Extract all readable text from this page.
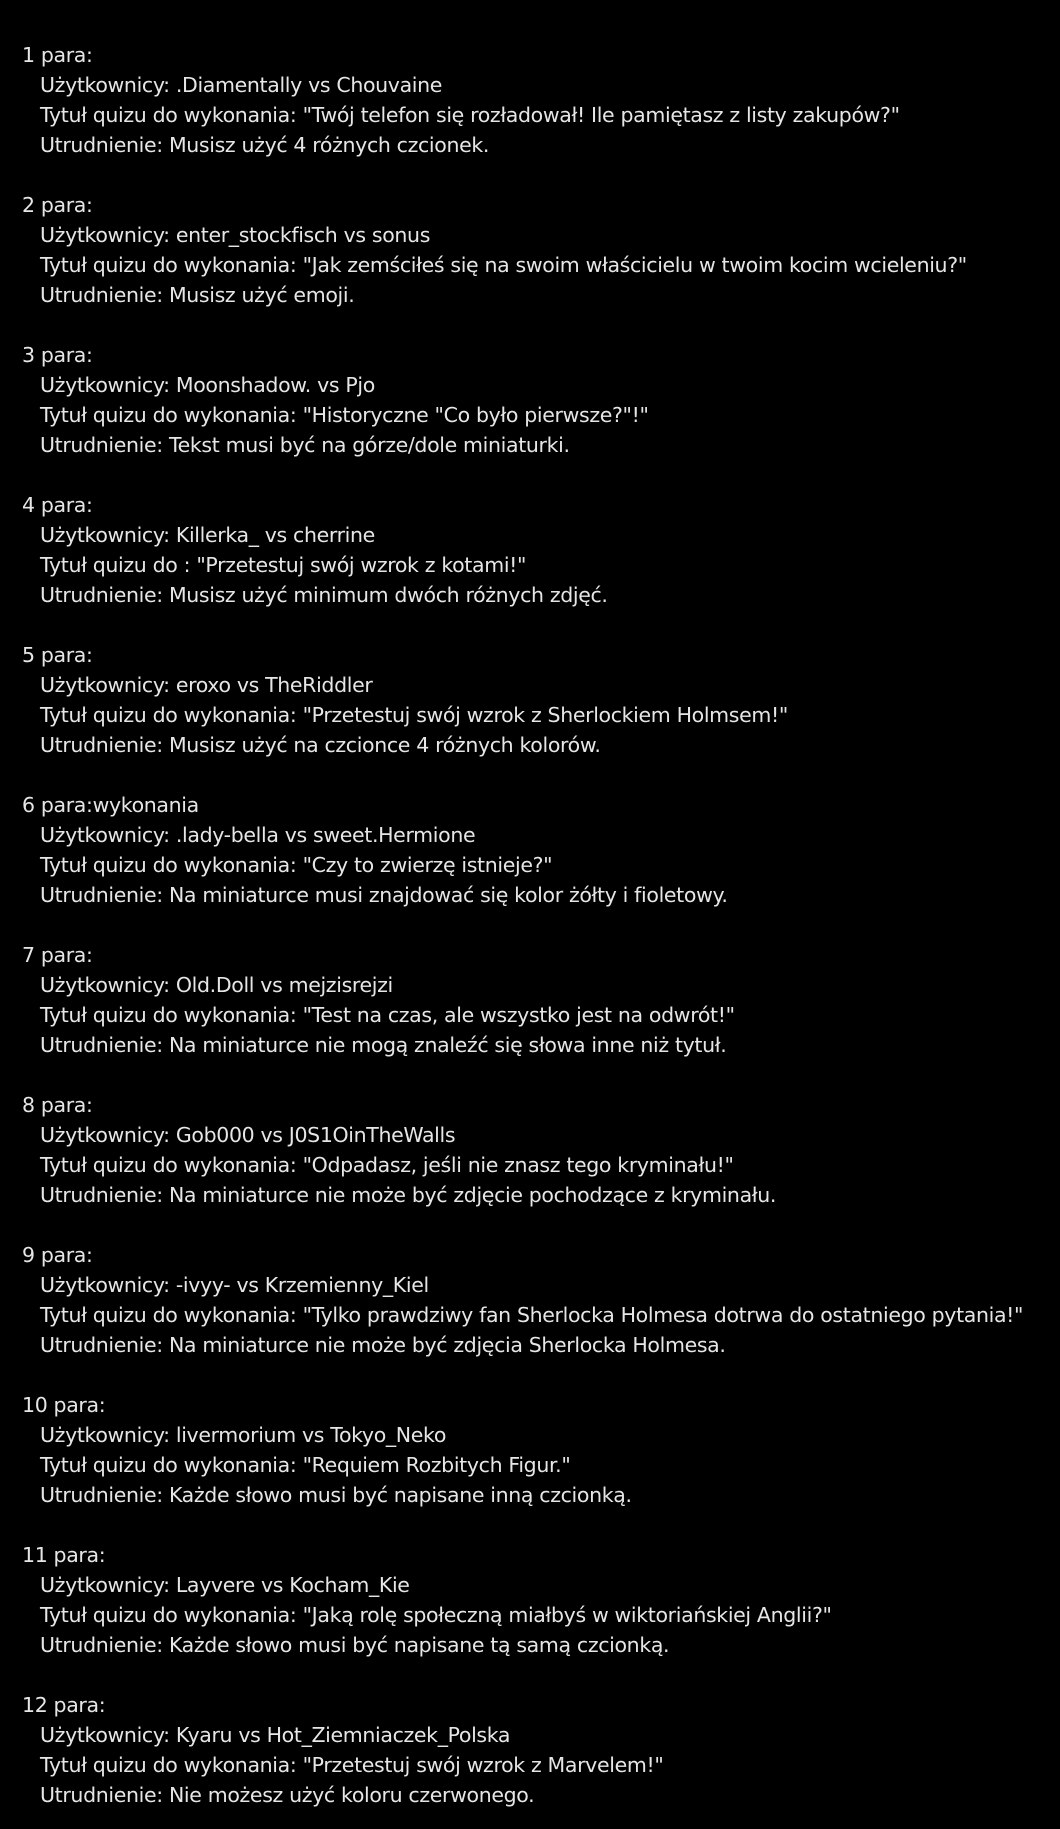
1 para:
Użytkownicy: .Diamentally vs Chouvaine
Tytuł quizu do wykonania: "Twój telefon się rozładował! Ile pamiętasz z listy zakupów?"
Utrudnienie: Musisz użyć 4 różnych czcionek.
2 para:
Użytkownicy: enter_stockfisch vs sonus
Tytuł quizu do wykonania: "Jak zemściłeś się na swoim właścicielu w twoim kocim wcieleniu?"
Utrudnienie: Musisz użyć emoji.
3 para:
Użytkownicy: Moonshadow. vs Pjo
Tytuł quizu do wykonania: "Historyczne "Co było pierwsze?"!"
Utrudnienie: Tekst musi być na górze/dole miniaturki.
4 para:
Użytkownicy: Killerka_ vs cherrine
Tytuł quizu do : "Przetestuj swój wzrok z kotami!"
Utrudnienie: Musisz użyć minimum dwóch różnych zdjęć.
5 para:
Użytkownicy: eroxo vs TheRiddler
Tytuł quizu do wykonania: "Przetestuj swój wzrok z Sherlockiem Holmsem!"
Utrudnienie: Musisz użyć na czcionce 4 różnych kolorów.
6 para:wykonania
Użytkownicy: .lady-bella vs sweet.Hermione
Tytuł quizu do wykonania: "Czy to zwierzę istnieje?"
Utrudnienie: Na miniaturce musi znajdować się kolor żółty i fioletowy.
7 para:
Użytkownicy: Old.Doll vs mejzisrejzi
Tytuł quizu do wykonania: "Test na czas, ale wszystko jest na odwrót!"
Utrudnienie: Na miniaturce nie mogą znaleźć się słowa inne niż tytuł.
8 para:
Użytkownicy: Gob000 vs J0S1OinTheWalls
Tytuł quizu do wykonania: "Odpadasz, jeśli nie znasz tego kryminału!"
Utrudnienie: Na miniaturce nie może być zdjęcie pochodzące z kryminału.
9 para:
Użytkownicy: -ivyy- vs Krzemienny_Kiel
Tytuł quizu do wykonania: "Tylko prawdziwy fan Sherlocka Holmesa dotrwa do ostatniego pytania!"
Utrudnienie: Na miniaturce nie może być zdjęcia Sherlocka Holmesa.
10 para:
Użytkownicy: livermorium vs Tokyo_Neko
Tytuł quizu do wykonania: "Requiem Rozbitych Figur."
Utrudnienie: Każde słowo musi być napisane inną czcionką.
11 para:
Użytkownicy: Layvere vs Kocham_Kie
Tytuł quizu do wykonania: "Jaką rolę społeczną miałbyś w wiktoriańskiej Anglii?"
Utrudnienie: Każde słowo musi być napisane tą samą czcionką.
12 para:
Użytkownicy: Kyaru vs Hot_Ziemniaczek_Polska
Tytuł quizu do wykonania: "Przetestuj swój wzrok z Marvelem!"
Utrudnienie: Nie możesz użyć koloru czerwonego.
